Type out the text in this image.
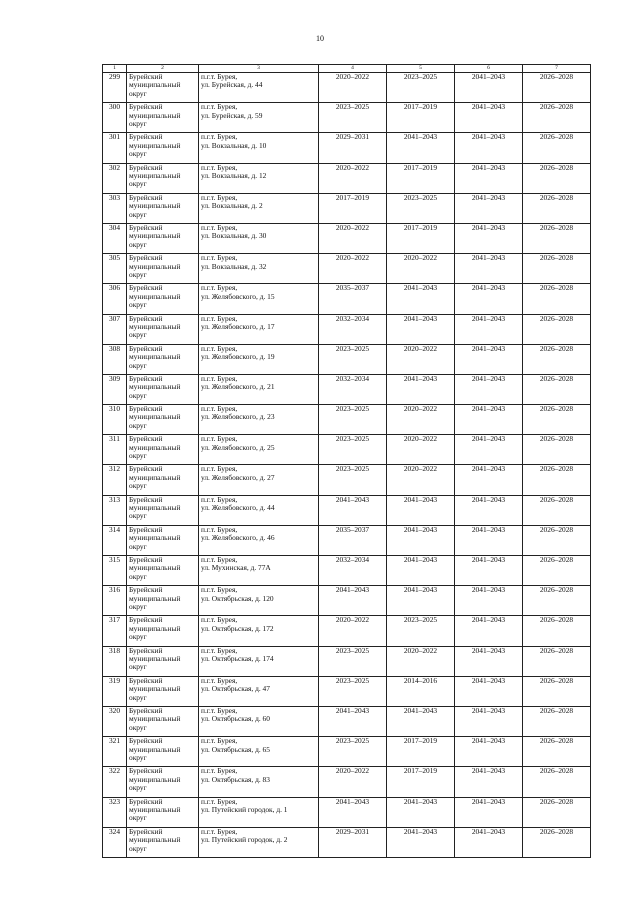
10
1	2	3	4	5	6	7
299	Бурейский
муниципальный
округ	п.г.т. Бурея,
ул. Бурейская, д. 44	2020–2022	2023–2025	2041–2043	2026–2028
300	Бурейский
муниципальный
округ	п.г.т. Бурея,
ул. Бурейская, д. 59	2023–2025	2017–2019	2041–2043	2026–2028
301	Бурейский
муниципальный
округ	п.г.т. Бурея,
ул. Вокзальная, д. 10	2029–2031	2041–2043	2041–2043	2026–2028
302	Бурейский
муниципальный
округ	п.г.т. Бурея,
ул. Вокзальная, д. 12	2020–2022	2017–2019	2041–2043	2026–2028
303	Бурейский
муниципальный
округ	п.г.т. Бурея,
ул. Вокзальная, д. 2	2017–2019	2023–2025	2041–2043	2026–2028
304	Бурейский
муниципальный
округ	п.г.т. Бурея,
ул. Вокзальная, д. 30	2020–2022	2017–2019	2041–2043	2026–2028
305	Бурейский
муниципальный
округ	п.г.т. Бурея,
ул. Вокзальная, д. 32	2020–2022	2020–2022	2041–2043	2026–2028
306	Бурейский
муниципальный
округ	п.г.т. Бурея,
ул. Желябовского, д. 15	2035–2037	2041–2043	2041–2043	2026–2028
307	Бурейский
муниципальный
округ	п.г.т. Бурея,
ул. Желябовского, д. 17	2032–2034	2041–2043	2041–2043	2026–2028
308	Бурейский
муниципальный
округ	п.г.т. Бурея,
ул. Желябовского, д. 19	2023–2025	2020–2022	2041–2043	2026–2028
309	Бурейский
муниципальный
округ	п.г.т. Бурея,
ул. Желябовского, д. 21	2032–2034	2041–2043	2041–2043	2026–2028
310	Бурейский
муниципальный
округ	п.г.т. Бурея,
ул. Желябовского, д. 23	2023–2025	2020–2022	2041–2043	2026–2028
311	Бурейский
муниципальный
округ	п.г.т. Бурея,
ул. Желябовского, д. 25	2023–2025	2020–2022	2041–2043	2026–2028
312	Бурейский
муниципальный
округ	п.г.т. Бурея,
ул. Желябовского, д. 27	2023–2025	2020–2022	2041–2043	2026–2028
313	Бурейский
муниципальный
округ	п.г.т. Бурея,
ул. Желябовского, д. 44	2041–2043	2041–2043	2041–2043	2026–2028
314	Бурейский
муниципальный
округ	п.г.т. Бурея,
ул. Желябовского, д. 46	2035–2037	2041–2043	2041–2043	2026–2028
315	Бурейский
муниципальный
округ	п.г.т. Бурея,
ул. Мухинская, д. 77А	2032–2034	2041–2043	2041–2043	2026–2028
316	Бурейский
муниципальный
округ	п.г.т. Бурея,
ул. Октябрьская, д. 120	2041–2043	2041–2043	2041–2043	2026–2028
317	Бурейский
муниципальный
округ	п.г.т. Бурея,
ул. Октябрьская, д. 172	2020–2022	2023–2025	2041–2043	2026–2028
318	Бурейский
муниципальный
округ	п.г.т. Бурея,
ул. Октябрьская, д. 174	2023–2025	2020–2022	2041–2043	2026–2028
319	Бурейский
муниципальный
округ	п.г.т. Бурея,
ул. Октябрьская, д. 47	2023–2025	2014–2016	2041–2043	2026–2028
320	Бурейский
муниципальный
округ	п.г.т. Бурея,
ул. Октябрьская, д. 60	2041–2043	2041–2043	2041–2043	2026–2028
321	Бурейский
муниципальный
округ	п.г.т. Бурея,
ул. Октябрьская, д. 65	2023–2025	2017–2019	2041–2043	2026–2028
322	Бурейский
муниципальный
округ	п.г.т. Бурея,
ул. Октябрьская, д. 83	2020–2022	2017–2019	2041–2043	2026–2028
323	Бурейский
муниципальный
округ	п.г.т. Бурея,
ул. Путейский городок, д. 1	2041–2043	2041–2043	2041–2043	2026–2028
324	Бурейский
муниципальный
округ	п.г.т. Бурея,
ул. Путейский городок, д. 2	2029–2031	2041–2043	2041–2043	2026–2028
